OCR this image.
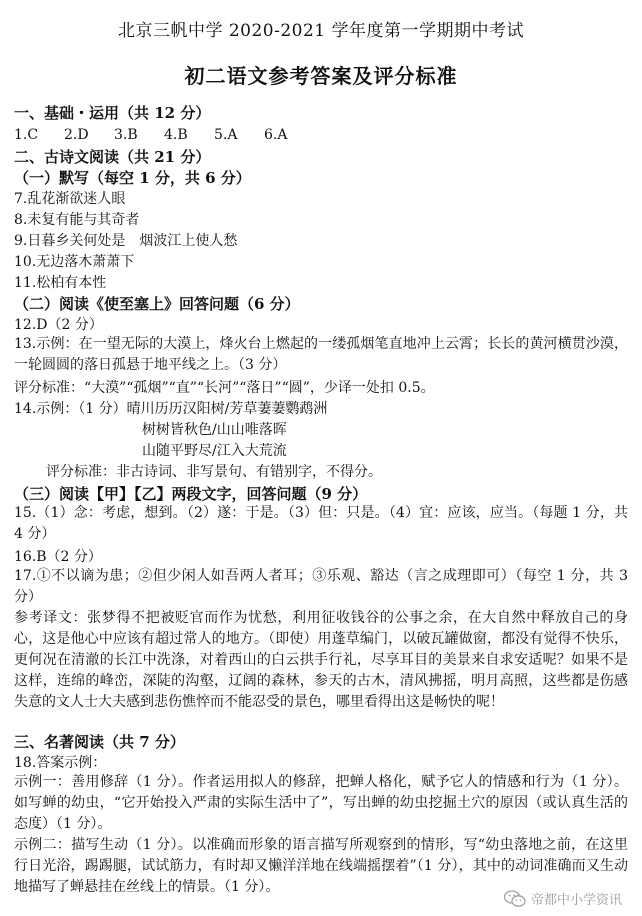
北京三帆中学 2020-2021 学年度第一学期期中考试
初二语文参考答案及评分标准
一、基础・运用（共 12 分）
1.C 2.D 3.B 4.B 5.A 6.A
二、古诗文阅读（共 21 分）
（一）默写（每空 1 分，共 6 分）
7.乱花渐欲迷人眼
8.未复有能与其奇者
9.日暮乡关何处是　烟波江上使人愁
10.无边落木萧萧下
11.松柏有本性
（二）阅读《使至塞上》回答问题（6 分）
12.D（2 分）
13.示例：在一望无际的大漠上，烽火台上燃起的一缕孤烟笔直地冲上云霄；长长的黄河横贯沙漠，一轮圆圆的落日孤悬于地平线之上。（3 分）
评分标准：“大漠”“孤烟”“直”“长河”“落日”“圆”，少译一处扣 0.5。
14.示例：（1 分）晴川历历汉阳树/芳草萋萋鹦鹉洲
树树皆秋色/山山唯落晖
山随平野尽/江入大荒流
评分标准：非古诗词、非写景句、有错别字，不得分。
（三）阅读【甲】【乙】两段文字，回答问题（9 分）
15.（1）念：考虑，想到。（2）遂：于是。（3）但：只是。（4）宜：应该，应当。（每题 1 分，共 4 分）
16.B（2 分）
17.①不以谪为患；②但少闲人如吾两人者耳；③乐观、豁达（言之成理即可）（每空 1 分，共 3 分）
参考译文：张梦得不把被贬官而作为忧愁，利用征收钱谷的公事之余，在大自然中释放自己的身心，这是他心中应该有超过常人的地方。（即使）用蓬草编门，以破瓦罐做窗，都没有觉得不快乐，更何况在清澈的长江中洗涤，对着西山的白云拱手行礼，尽享耳目的美景来自求安适呢？如果不是这样，连绵的峰峦，深陡的沟壑，辽阔的森林，参天的古木，清风拂摇，明月高照，这些都是伤感失意的文人士大夫感到悲伤憔悴而不能忍受的景色，哪里看得出这是畅快的呢！
三、名著阅读（共 7 分）
18.答案示例：
示例一：善用修辞（1 分）。作者运用拟人的修辞，把蝉人格化，赋予它人的情感和行为（1 分）。如写蝉的幼虫，“它开始投入严肃的实际生活中了”，写出蝉的幼虫挖掘土穴的原因（或认真生活的态度）（1 分）。
示例二：描写生动（1 分）。以准确而形象的语言描写所观察到的情形，写“幼虫落地之前，在这里行日光浴，踢踢腿，试试筋力，有时却又懒洋洋地在线端摇摆着”（1 分），其中的动词准确而又生动地描写了蝉悬挂在丝线上的情景。（1 分）。
帝都中小学资讯
